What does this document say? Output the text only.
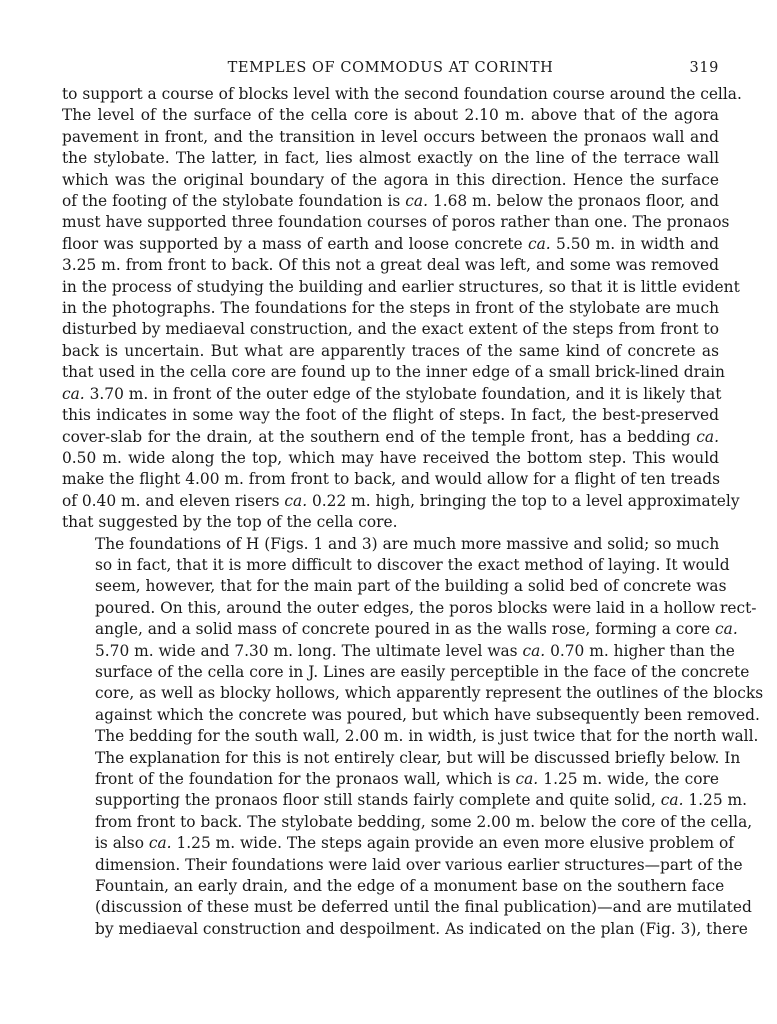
TEMPLES OF COMMODUS AT CORINTH	319

to support a course of blocks level with the second foundation course around the cella.
The level of the surface of the cella core is about 2.10 m. above that of the agora
pavement in front, and the transition in level occurs between the pronaos wall and
the stylobate. The latter, in fact, lies almost exactly on the line of the terrace wall
which was the original boundary of the agora in this direction. Hence the surface
of the footing of the stylobate foundation is ca. 1.68 m. below the pronaos floor, and
must have supported three foundation courses of poros rather than one. The pronaos
floor was supported by a mass of earth and loose concrete ca. 5.50 m. in width and
3.25 m. from front to back. Of this not a great deal was left, and some was removed
in the process of studying the building and earlier structures, so that it is little evident
in the photographs. The foundations for the steps in front of the stylobate are much
disturbed by mediaeval construction, and the exact extent of the steps from front to
back is uncertain. But what are apparently traces of the same kind of concrete as
that used in the cella core are found up to the inner edge of a small brick-lined drain
ca. 3.70 m. in front of the outer edge of the stylobate foundation, and it is likely that
this indicates in some way the foot of the flight of steps. In fact, the best-preserved
cover-slab for the drain, at the southern end of the temple front, has a bedding ca.
0.50 m. wide along the top, which may have received the bottom step. This would
make the flight 4.00 m. from front to back, and would allow for a flight of ten treads
of 0.40 m. and eleven risers ca. 0.22 m. high, bringing the top to a level approximately
that suggested by the top of the cella core.

The foundations of H (Figs. 1 and 3) are much more massive and solid; so much
so in fact, that it is more difficult to discover the exact method of laying. It would
seem, however, that for the main part of the building a solid bed of concrete was
poured. On this, around the outer edges, the poros blocks were laid in a hollow rect-
angle, and a solid mass of concrete poured in as the walls rose, forming a core ca.
5.70 m. wide and 7.30 m. long. The ultimate level was ca. 0.70 m. higher than the
surface of the cella core in J. Lines are easily perceptible in the face of the concrete
core, as well as blocky hollows, which apparently represent the outlines of the blocks
against which the concrete was poured, but which have subsequently been removed.
The bedding for the south wall, 2.00 m. in width, is just twice that for the north wall.
The explanation for this is not entirely clear, but will be discussed briefly below. In
front of the foundation for the pronaos wall, which is ca. 1.25 m. wide, the core
supporting the pronaos floor still stands fairly complete and quite solid, ca. 1.25 m.
from front to back. The stylobate bedding, some 2.00 m. below the core of the cella,
is also ca. 1.25 m. wide. The steps again provide an even more elusive problem of
dimension. Their foundations were laid over various earlier structures—part of the
Fountain, an early drain, and the edge of a monument base on the southern face
(discussion of these must be deferred until the final publication)—and are mutilated
by mediaeval construction and despoilment. As indicated on the plan (Fig. 3), there
